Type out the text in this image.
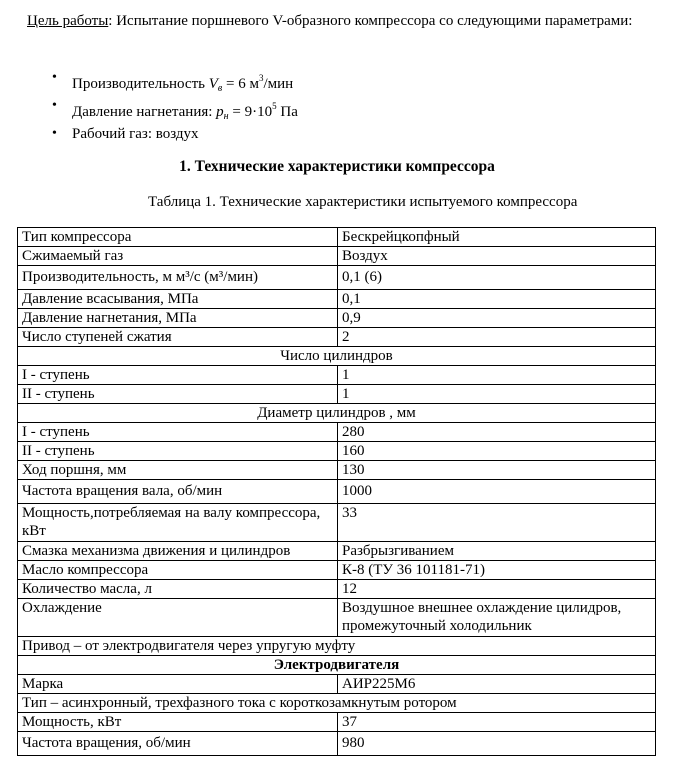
Цель работы: Испытание поршневого V-образного компрессора со следующими параметрами:
• Производительность $V_в = 6$ $м^3$/мин
• Давление нагнетания: $p_н = 9\cdot 10^5$ Па
• Рабочий газ: воздух
1. Технические характеристики компрессора
Таблица 1. Технические характеристики испытуемого компрессора
Тип компрессора	Бескрейцкопфный
Сжимаемый газ	Воздух
Производительность, м м³/с (м³/мин)	0,1 (6)
Давление всасывания, МПа	0,1
Давление нагнетания, МПа	0,9
Число ступеней сжатия	2
Число цилиндров	
I - ступень	1
II - ступень	1
Диаметр цилиндров , мм	
I - ступень	280
II - ступень	160
Ход поршня, мм	130
Частота вращения вала, об/мин	1000
Мощность,потребляемая на валу компрессора, кВт	33
Смазка механизма движения и цилиндров	Разбрызгиванием
Масло компрессора	К-8 (ТУ 36 101181-71)
Количество масла, л	12
Охлаждение	Воздушное внешнее охлаждение цилидров, промежуточный холодильник
Привод – от электродвигателя через упругую муфту	
Электродвигателя	
Марка	АИР225М6
Тип – асинхронный, трехфазного тока с короткозамкнутым ротором	
Мощность, кВт	37
Частота вращения, об/мин	980
